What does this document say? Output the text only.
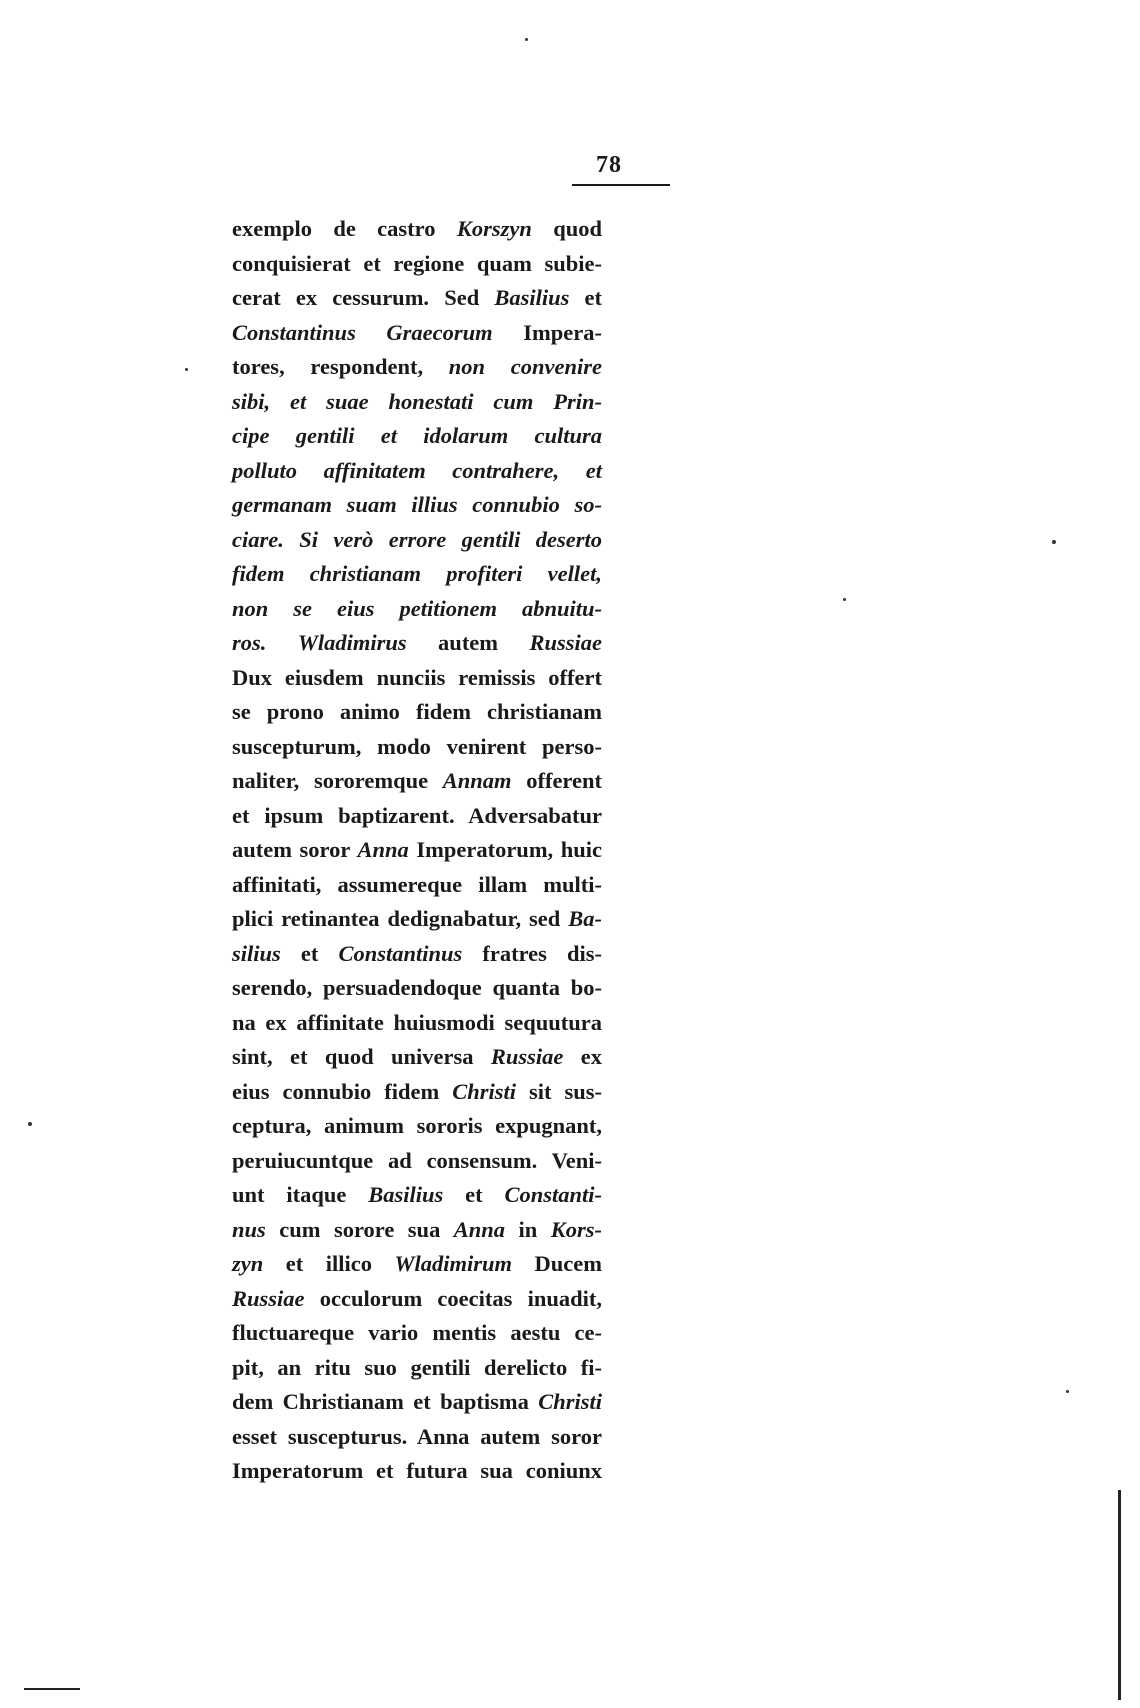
78
exemplo de castro Korszyn quod
conquisierat et regione quam subie-
cerat ex cessurum. Sed Basilius et
Constantinus Graecorum Impera-
tores, respondent, non convenire
sibi, et suae honestati cum Prin-
cipe gentili et idolarum cultura
polluto affinitatem contrahere, et
germanam suam illius connubio so-
ciare. Si verò errore gentili deserto
fidem christianam profiteri vellet,
non se eius petitionem abnuitu-
ros. Wladimirus autem Russiae
Dux eiusdem nunciis remissis offert
se prono animo fidem christianam
suscepturum, modo venirent perso-
naliter, sororemque Annam offerent
et ipsum baptizarent. Adversabatur
autem soror Anna Imperatorum, huic
affinitati, assumereque illam multi-
plici retinantea dedignabatur, sed Ba-
silius et Constantinus fratres dis-
serendo, persuadendoque quanta bo-
na ex affinitate huiusmodi sequutura
sint, et quod universa Russiae ex
eius connubio fidem Christi sit sus-
ceptura, animum sororis expugnant,
peruiucuntque ad consensum. Veni-
unt itaque Basilius et Constanti-
nus cum sorore sua Anna in Kors-
zyn et illico Wladimirum Ducem
Russiae occulorum coecitas inuadit,
fluctuareque vario mentis aestu ce-
pit, an ritu suo gentili derelicto fi-
dem Christianam et baptisma Christi
esset suscepturus. Anna autem soror
Imperatorum et futura sua coniunx
